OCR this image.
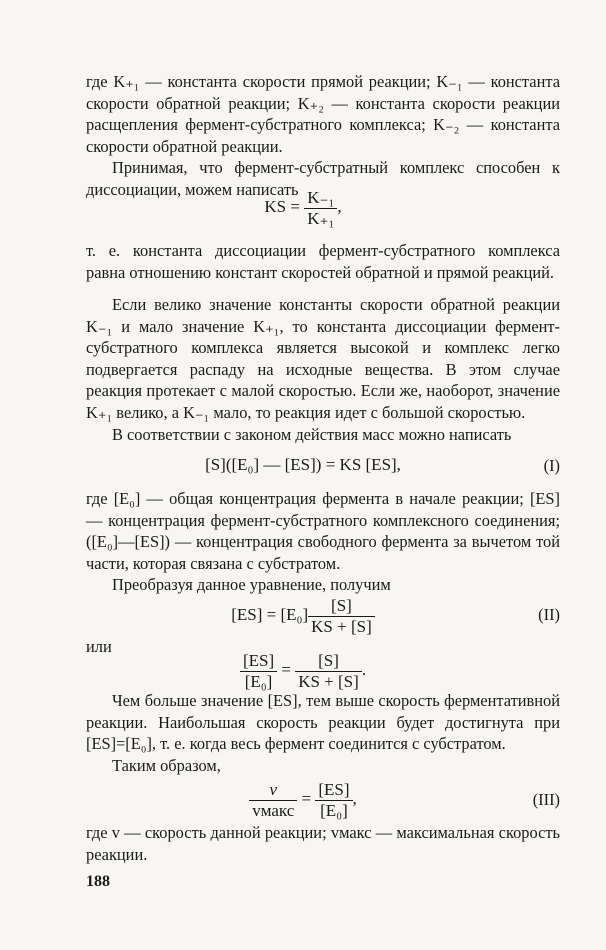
где K₊₁ — константа скорости прямой реакции; K₋₁ — константа скорости обратной реакции; K₊₂ — константа скорости реакции расщепления фермент-субстратного комплекса; K₋₂ — константа скорости обратной реакции.

Принимая, что фермент-субстратный комплекс способен к диссоциации, можем написать

KS = $\frac{\text{K₋₁}}{\text{K₊₁}}$ ,

т. е. константа диссоциации фермент-субстратного комплекса равна отношению констант скоростей обратной и прямой реакций.

Если велико значение константы скорости обратной реакции K₋₁ и мало значение K₊₁, то константа диссоциации фермент-субстратного комплекса является высокой и комплекс легко подвергается распаду на исходные вещества. В этом случае реакция протекает с малой скоростью. Если же, наоборот, значение K₊₁ велико, а K₋₁ мало, то реакция идет с большой скоростью.

В соответствии с законом действия масс можно написать

[S]([E₀] — [ES]) = KS [ES],	(I)

где [E₀] — общая концентрация фермента в начале реакции; [ES] — концентрация фермент-субстратного комплексного соединения; ([E₀]—[ES]) — концентрация свободного фермента за вычетом той части, которая связана с субстратом.

Преобразуя данное уравнение, получим

$[ES] = [E_0] \frac{[S]}{KS + [S]}$	(II)

или

$\frac{[ES]}{\text{[E₀]}} = \frac{[S]}{KS + [S]}$ .

Чем больше значение [ES], тем выше скорость ферментативной реакции. Наибольшая скорость реакции будет достигнута при [ES]=[E₀], т. е. когда весь фермент соединится с субстратом.

Таким образом,

$\frac{v}{\text{vмакс}} = \frac{[ES]}{\text{[E₀]}}$ ,	(III)

где v — скорость данной реакции; vмакс — максимальная скорость реакции.

188
